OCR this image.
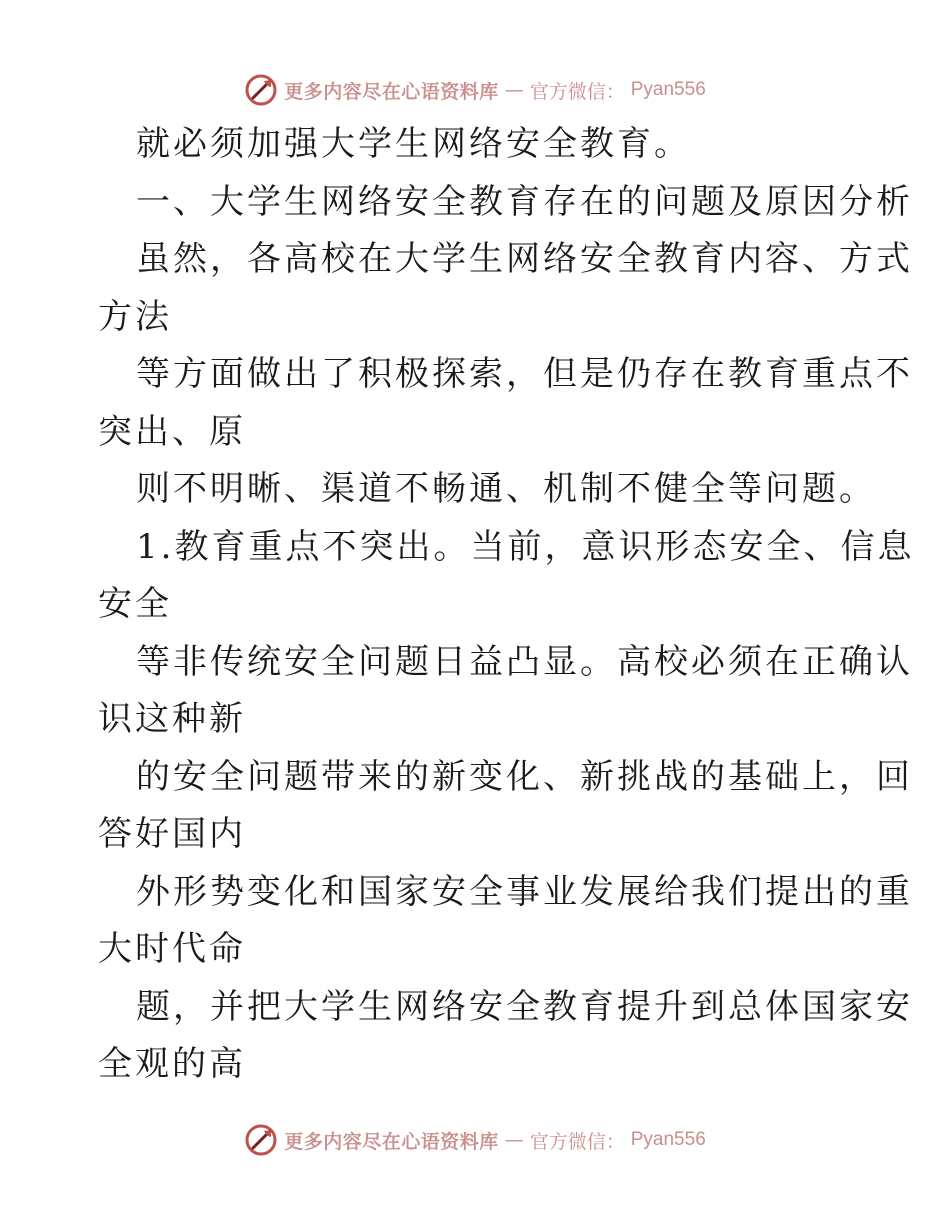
更多内容尽在心语资料库 — 官方微信： Pyan556
就必须加强大学生网络安全教育。
一、大学生网络安全教育存在的问题及原因分析
虽然，各高校在大学生网络安全教育内容、方式
方法
等方面做出了积极探索，但是仍存在教育重点不
突出、原
则不明晰、渠道不畅通、机制不健全等问题。
1.教育重点不突出。当前，意识形态安全、信息
安全
等非传统安全问题日益凸显。高校必须在正确认
识这种新
的安全问题带来的新变化、新挑战的基础上，回
答好国内
外形势变化和国家安全事业发展给我们提出的重
大时代命
题，并把大学生网络安全教育提升到总体国家安
全观的高
更多内容尽在心语资料库 — 官方微信： Pyan556
